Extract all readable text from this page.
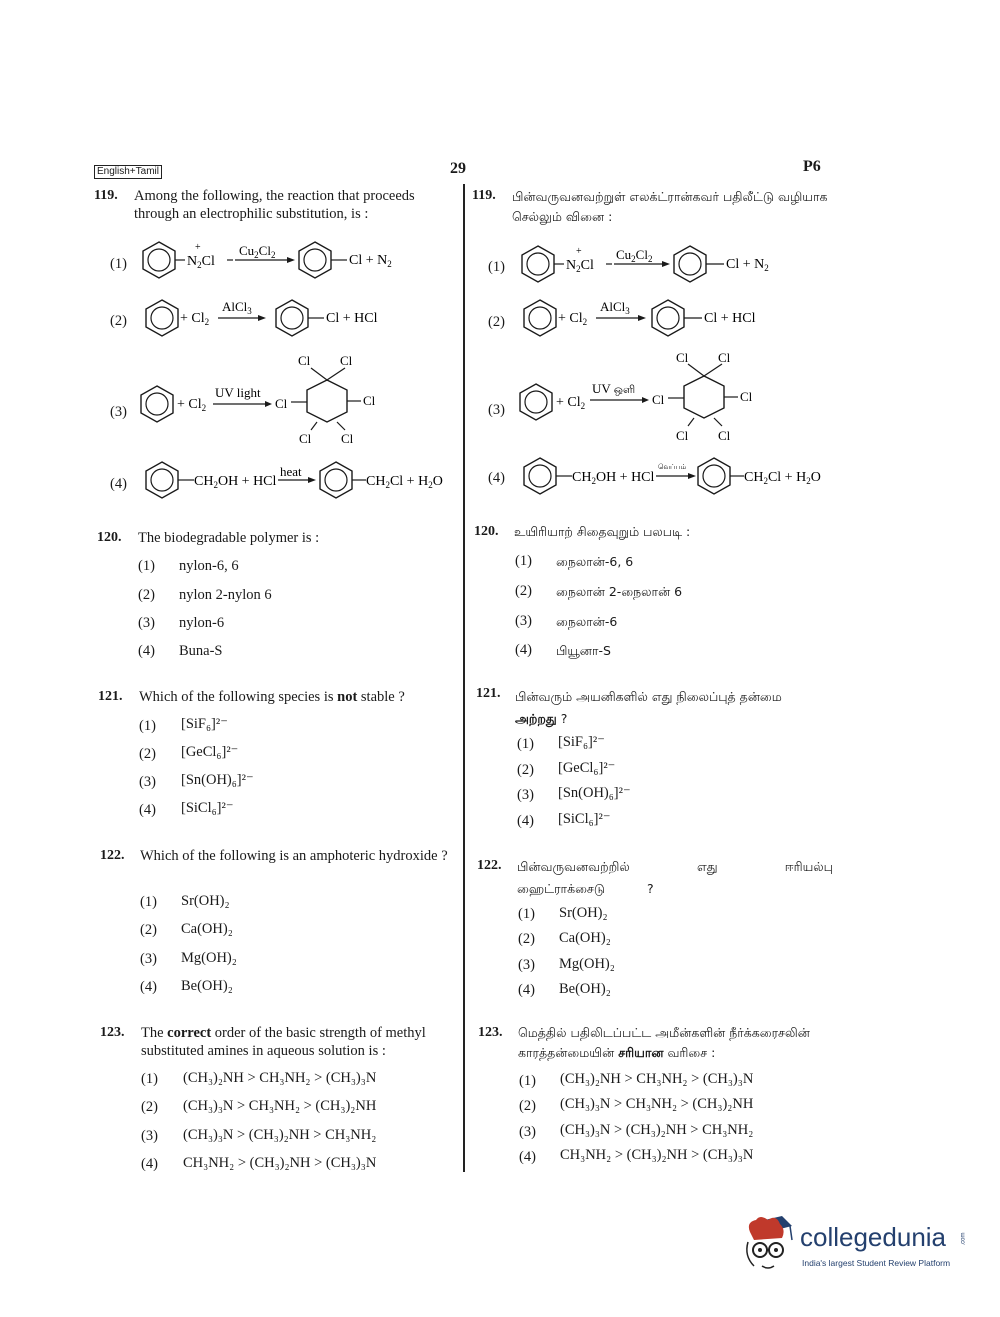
English+Tamil	29	P6
119. Among the following, the reaction that proceeds through an electrophilic substitution, is :
(1)
+
$N_2Cl$
$Cu_2Cl_2$	$Cl + N_2$
(2)	+ $Cl_2$
AlCl$_3$	Cl + HCl
(3)	+ $Cl_2$
UV light
Cl
Cl Cl
Cl
Cl Cl
(4)	$CH_2OH$ + HCl
heat
$CH_2Cl + H_2O$
120. The biodegradable polymer is :
(1) nylon-6, 6
(2) nylon 2-nylon 6
(3) nylon-6
(4) Buna-S
121. Which of the following species is not stable ?
(1) [SiF₆]²⁻
(2) [GeCl₆]²⁻
(3) [Sn(OH)₆]²⁻
(4) [SiCl₆]²⁻
122. Which of the following is an amphoteric hydroxide ?
(1) Sr(OH)₂
(2) Ca(OH)₂
(3) Mg(OH)₂
(4) Be(OH)₂
123. The correct order of the basic strength of methyl substituted amines in aqueous solution is :
(1) (CH₃)₂NH > CH₃NH₂ > (CH₃)₃N
(2) (CH₃)₃N > CH₃NH₂ > (CH₃)₂NH
(3) (CH₃)₃N > (CH₃)₂NH > CH₃NH₂
(4) CH₃NH₂ > (CH₃)₂NH > (CH₃)₃N
119. பின்வருவனவற்றுள் எலக்ட்ரான்கவர் பதிலீட்டு வழியாக செல்லும் வினை :
(1)
+
$N_2Cl$
$Cu_2Cl_2$	$Cl + N_2$
(2)	+ $Cl_2$
AlCl$_3$	Cl + HCl
(3)	+ $Cl_2$
UV ஒளி
Cl
Cl Cl
Cl
Cl Cl
(4)	$CH_2OH$ + HCl
வெப்பம்
$CH_2Cl + H_2O$
120. உயிரியாற் சிதைவுறும் பலபடி :
(1) நைலான்-6, 6
(2) நைலான் 2-நைலான் 6
(3) நைலான்-6
(4) பியூனா-S
121. பின்வரும் அயனிகளில் எது நிலைப்புத் தன்மை
அற்றது ?
(1) [SiF₆]²⁻
(2) [GeCl₆]²⁻
(3) [Sn(OH)₆]²⁻
(4) [SiCl₆]²⁻
122. பின்வருவனவற்றில் எது ஈரியல்பு ஹைட்ராக்சைடு ?
(1) Sr(OH)₂
(2) Ca(OH)₂
(3) Mg(OH)₂
(4) Be(OH)₂
123. மெத்தில் பதிலிடப்பட்ட அமீன்களின் நீர்க்கரைசலின் காரத்தன்மையின் சரியான வரிசை :
(1) (CH₃)₂NH > CH₃NH₂ > (CH₃)₃N
(2) (CH₃)₃N > CH₃NH₂ > (CH₃)₂NH
(3) (CH₃)₃N > (CH₃)₂NH > CH₃NH₂
(4) CH₃NH₂ > (CH₃)₂NH > (CH₃)₃N
collegedunia .com
India's largest Student Review Platform
